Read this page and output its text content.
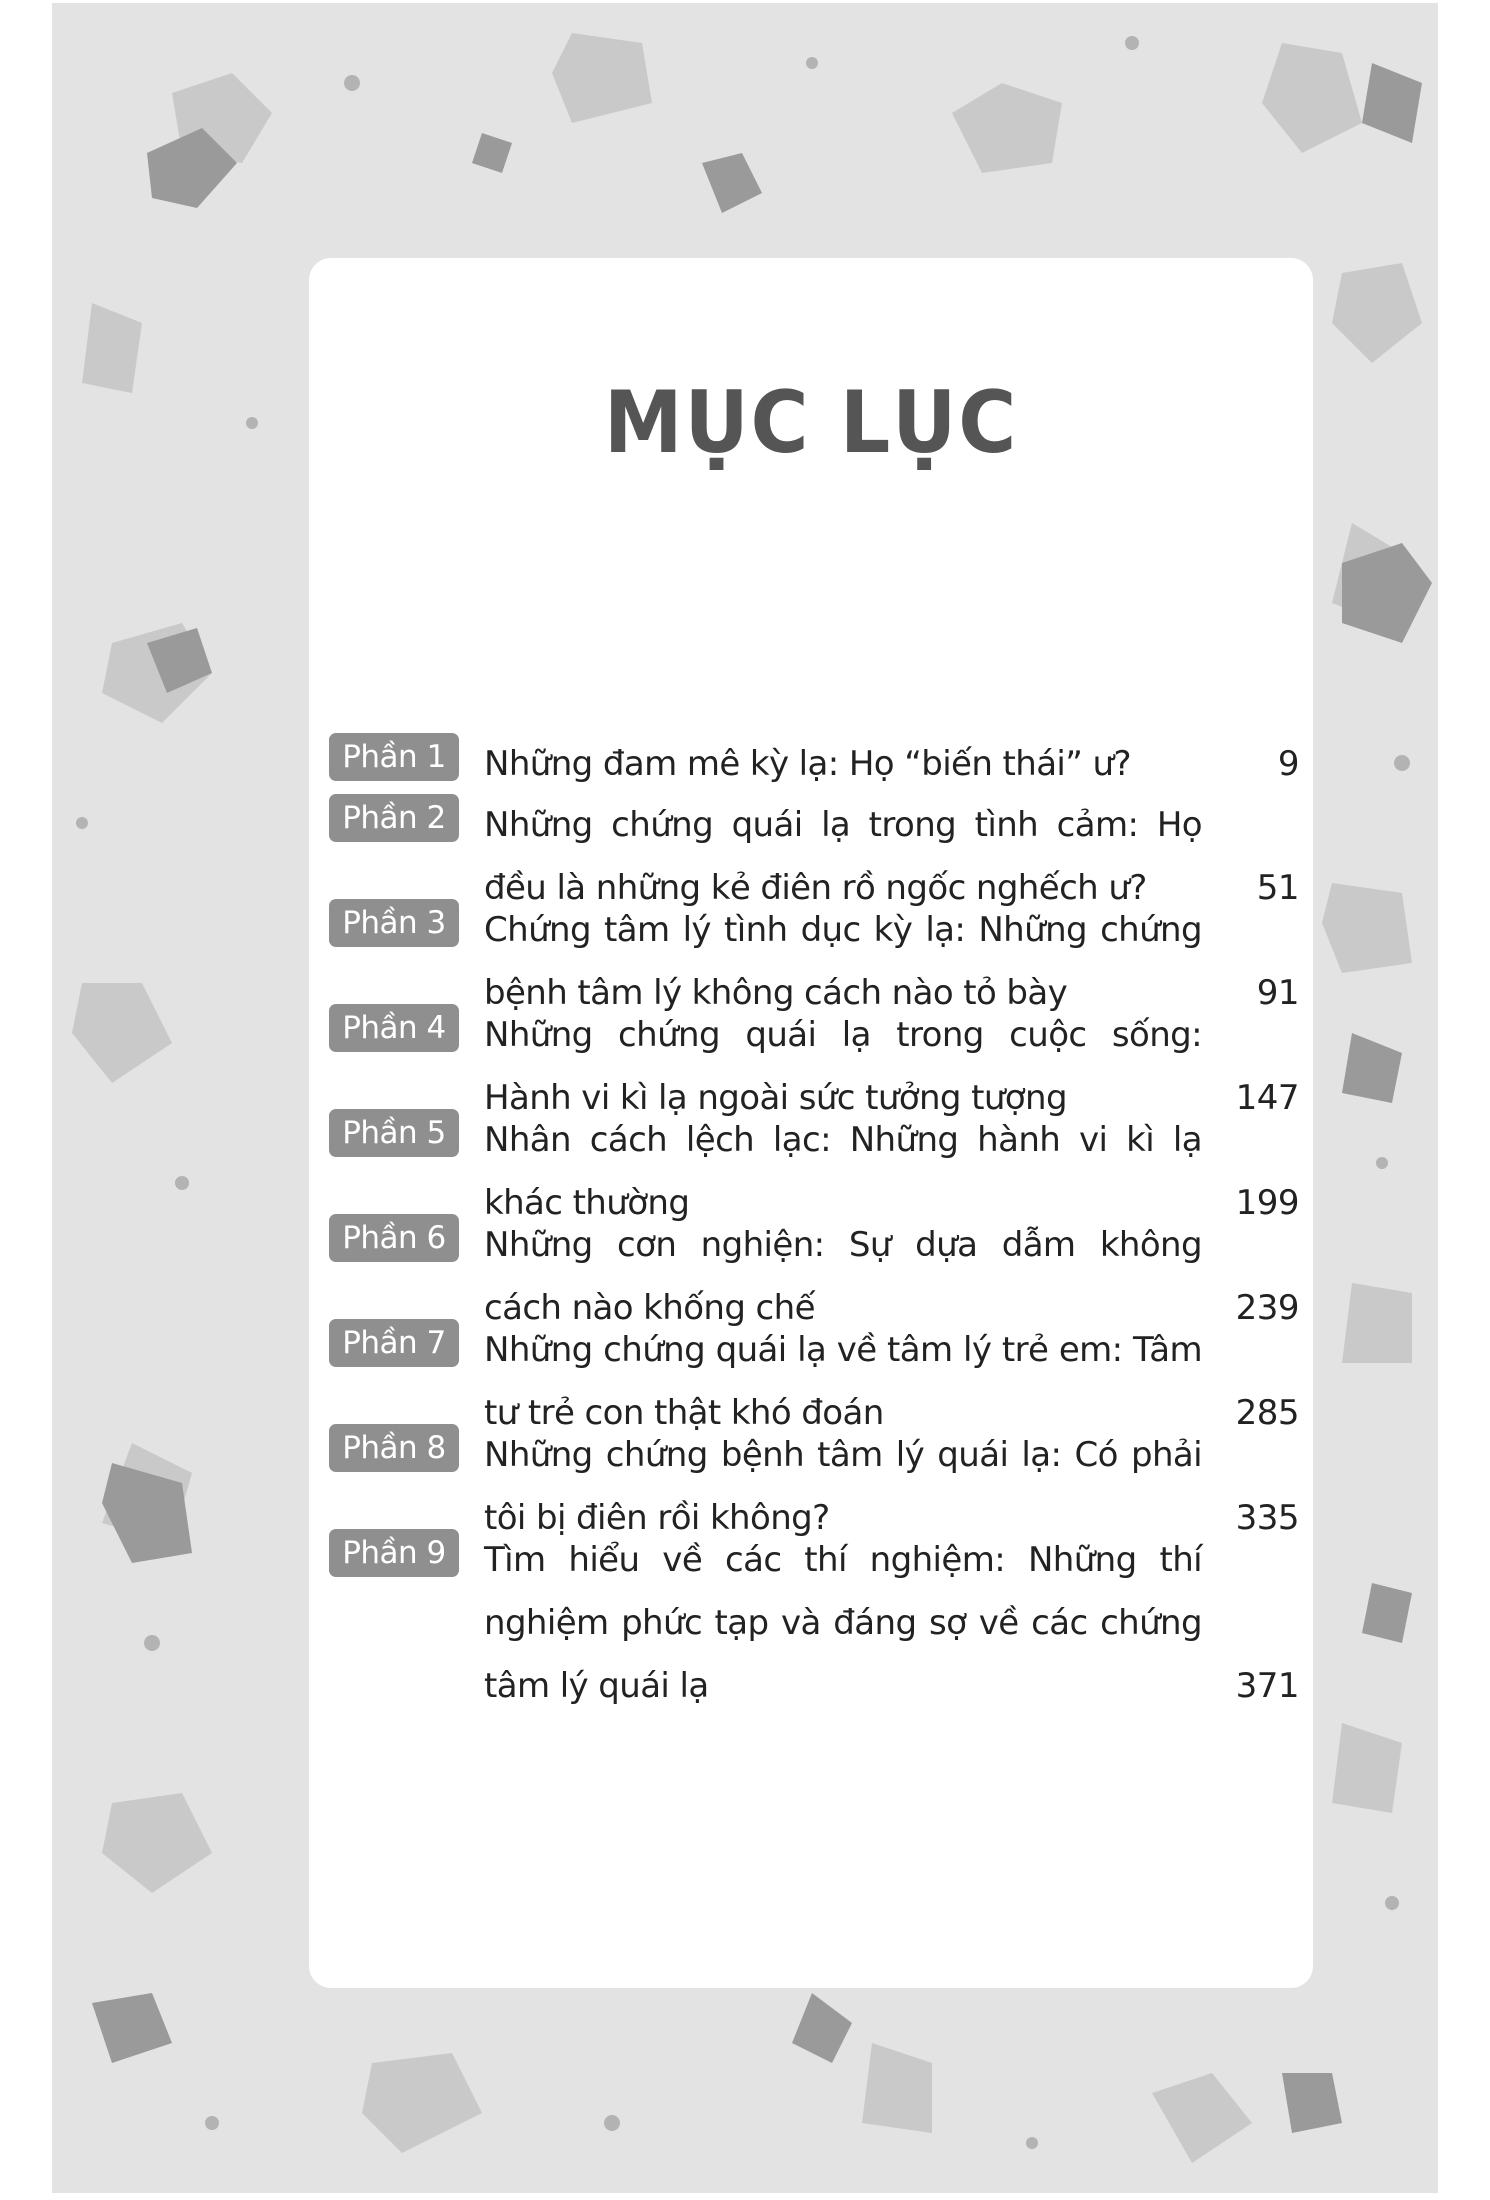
MỤC LỤC
Phần 1	Những đam mê kỳ lạ: Họ “biến thái” ư?	9
Phần 2	Những chứng quái lạ trong tình cảm: Họ đều là những kẻ điên rồ ngốc nghếch ư?	51
Phần 3	Chứng tâm lý tình dục kỳ lạ: Những chứng bệnh tâm lý không cách nào tỏ bày	91
Phần 4	Những chứng quái lạ trong cuộc sống: Hành vi kì lạ ngoài sức tưởng tượng	147
Phần 5	Nhân cách lệch lạc: Những hành vi kì lạ khác thường	199
Phần 6	Những cơn nghiện: Sự dựa dẫm không cách nào khống chế	239
Phần 7	Những chứng quái lạ về tâm lý trẻ em: Tâm tư trẻ con thật khó đoán	285
Phần 8	Những chứng bệnh tâm lý quái lạ: Có phải tôi bị điên rồi không?	335
Phần 9	Tìm hiểu về các thí nghiệm: Những thí nghiệm phức tạp và đáng sợ về các chứng tâm lý quái lạ	371
